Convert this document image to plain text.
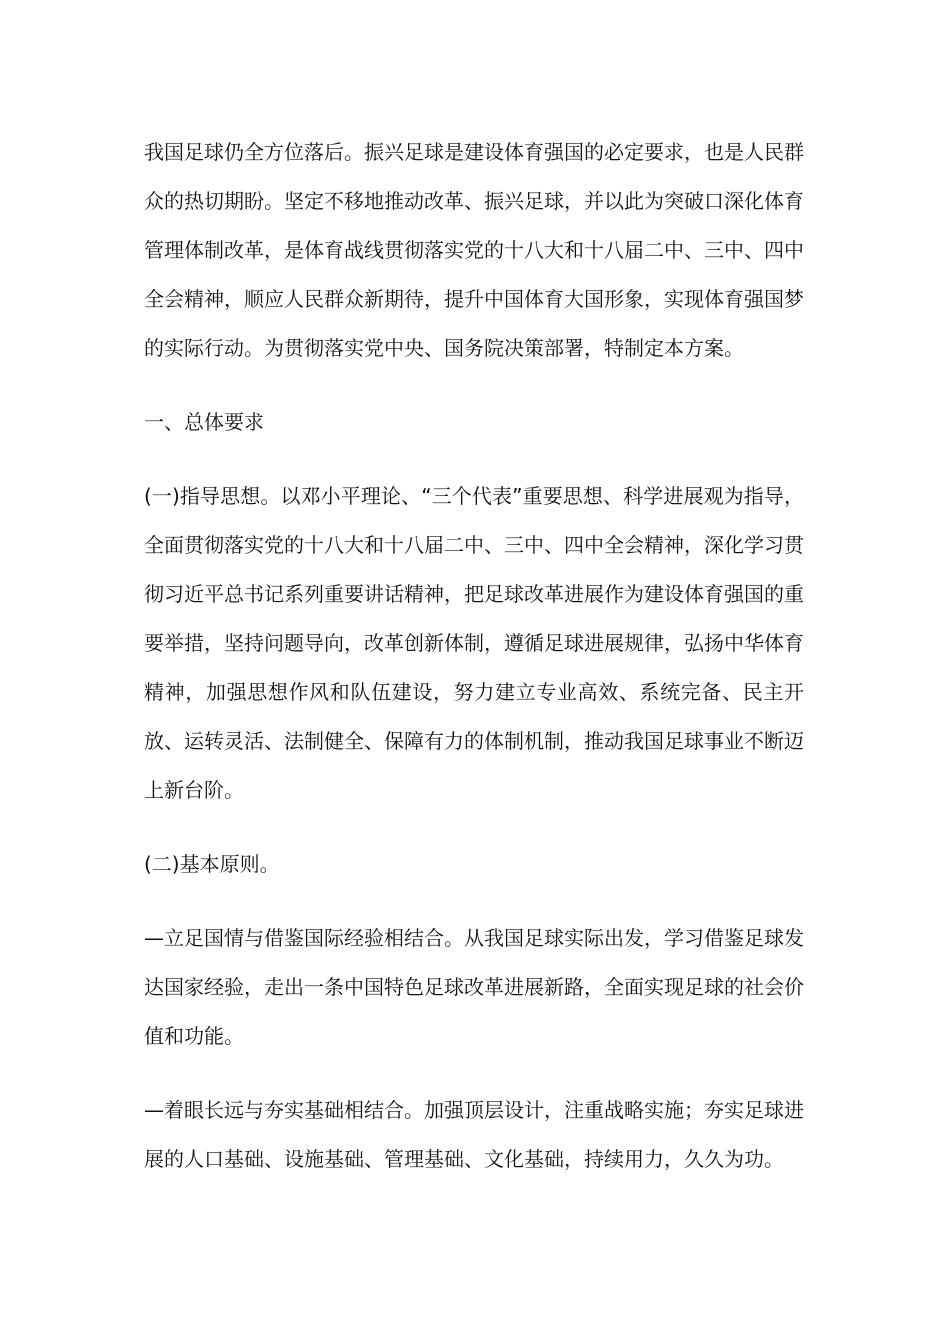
我国足球仍全方位落后。振兴足球是建设体育强国的必定要求，也是人民群众的热切期盼。坚定不移地推动改革、振兴足球，并以此为突破口深化体育管理体制改革，是体育战线贯彻落实党的十八大和十八届二中、三中、四中全会精神，顺应人民群众新期待，提升中国体育大国形象，实现体育强国梦的实际行动。为贯彻落实党中央、国务院决策部署，特制定本方案。

一、总体要求

(一)指导思想。以邓小平理论、“三个代表”重要思想、科学进展观为指导，全面贯彻落实党的十八大和十八届二中、三中、四中全会精神，深化学习贯彻习近平总书记系列重要讲话精神，把足球改革进展作为建设体育强国的重要举措，坚持问题导向，改革创新体制，遵循足球进展规律，弘扬中华体育精神，加强思想作风和队伍建设，努力建立专业高效、系统完备、民主开放、运转灵活、法制健全、保障有力的体制机制，推动我国足球事业不断迈上新台阶。

(二)基本原则。

—立足国情与借鉴国际经验相结合。从我国足球实际出发，学习借鉴足球发达国家经验，走出一条中国特色足球改革进展新路，全面实现足球的社会价值和功能。

—着眼长远与夯实基础相结合。加强顶层设计，注重战略实施；夯实足球进展的人口基础、设施基础、管理基础、文化基础，持续用力，久久为功。
